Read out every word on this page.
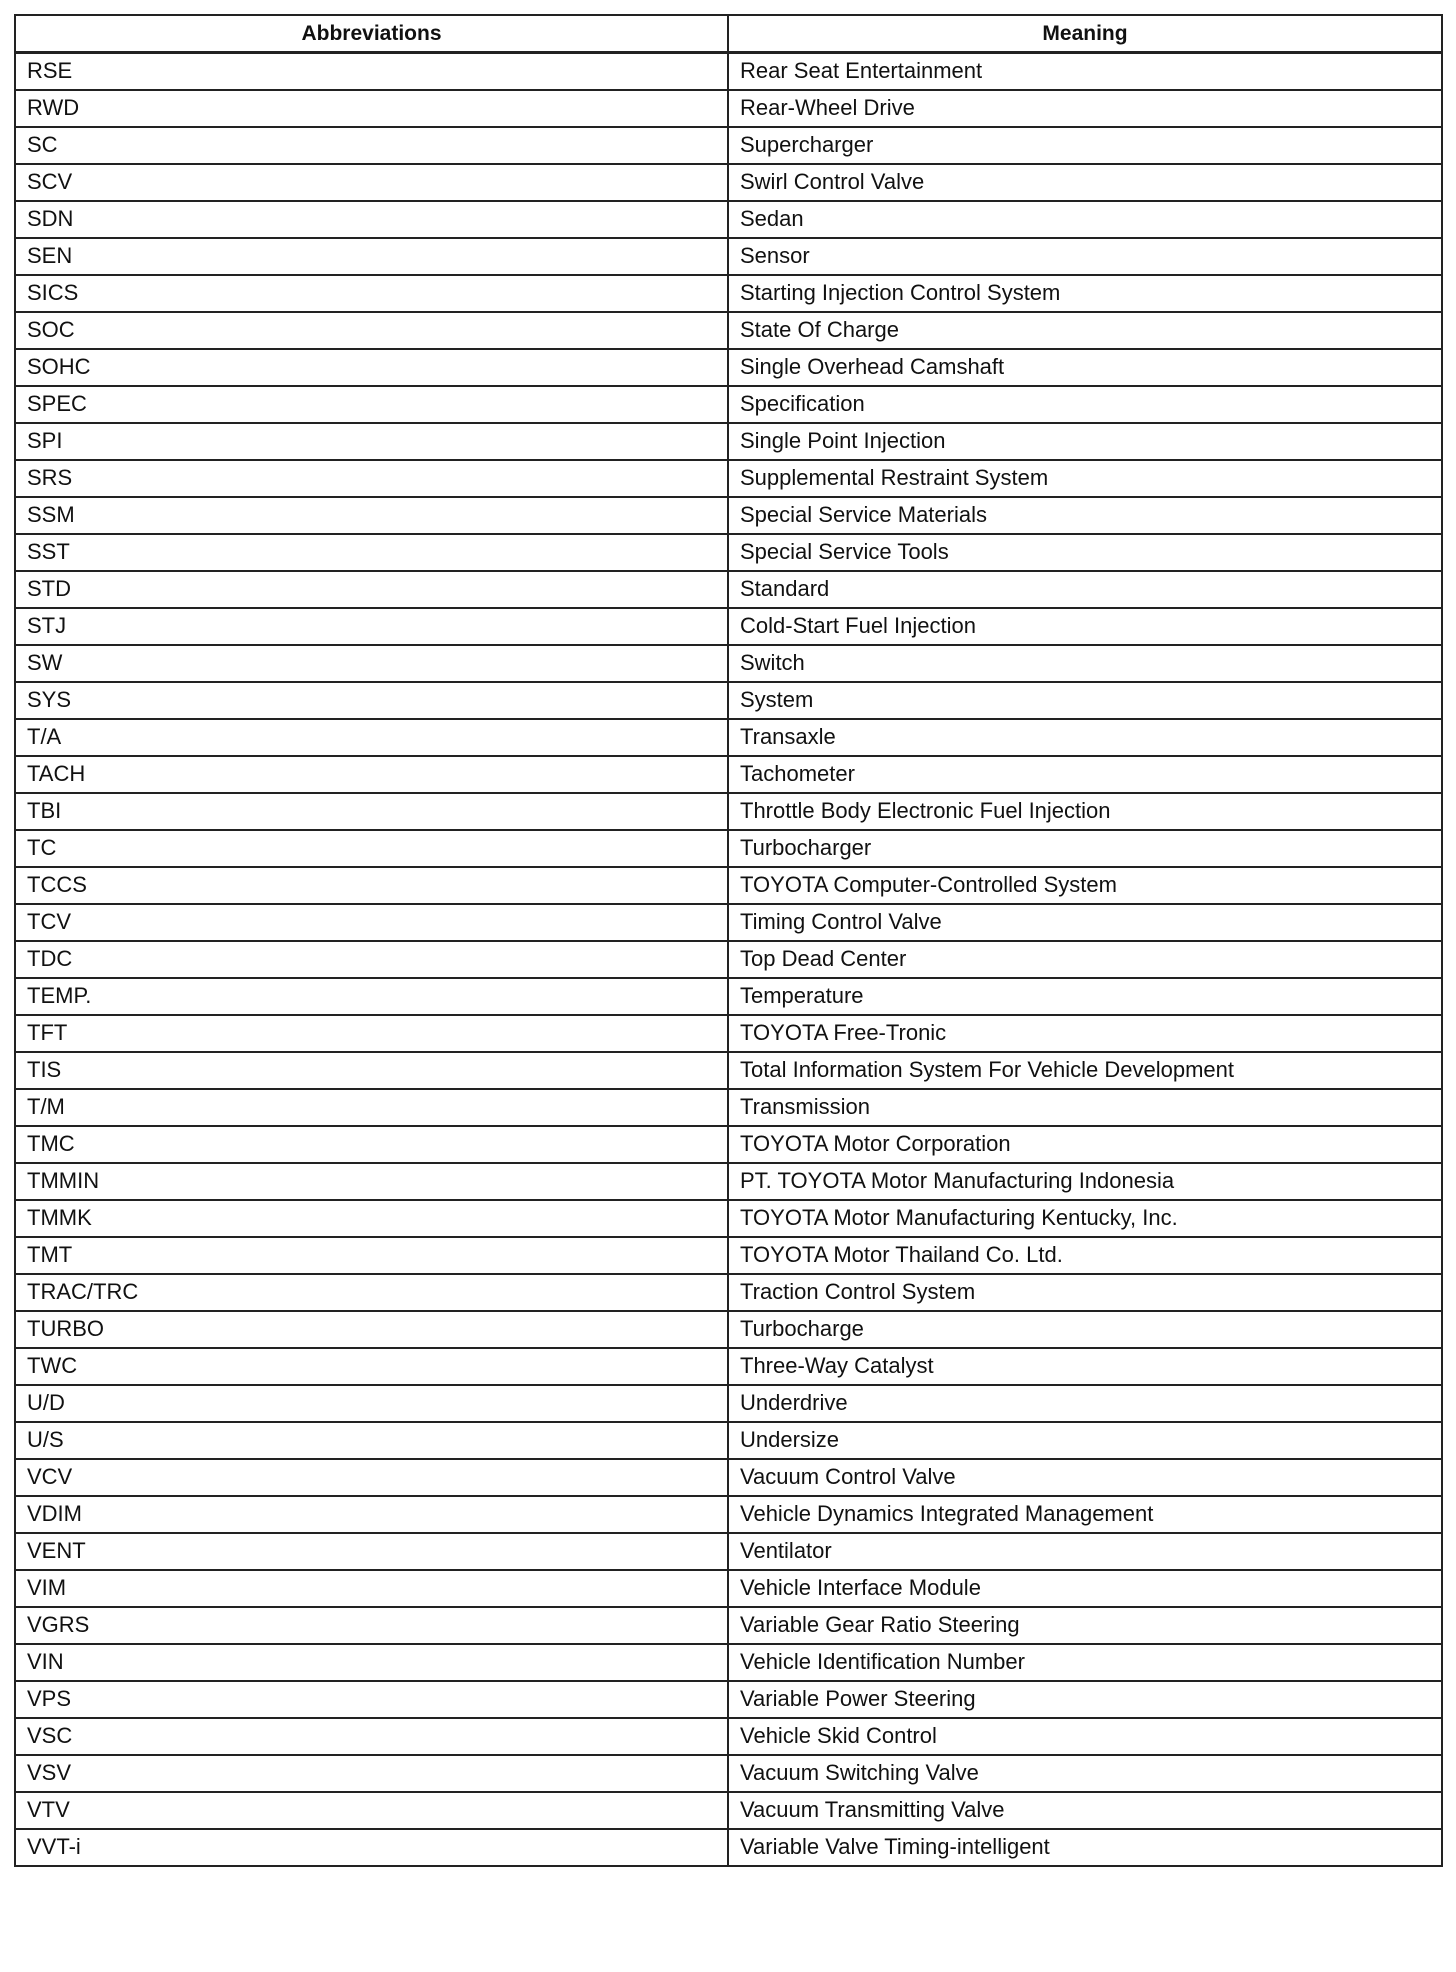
Abbreviations	Meaning
RSE	Rear Seat Entertainment
RWD	Rear-Wheel Drive
SC	Supercharger
SCV	Swirl Control Valve
SDN	Sedan
SEN	Sensor
SICS	Starting Injection Control System
SOC	State Of Charge
SOHC	Single Overhead Camshaft
SPEC	Specification
SPI	Single Point Injection
SRS	Supplemental Restraint System
SSM	Special Service Materials
SST	Special Service Tools
STD	Standard
STJ	Cold-Start Fuel Injection
SW	Switch
SYS	System
T/A	Transaxle
TACH	Tachometer
TBI	Throttle Body Electronic Fuel Injection
TC	Turbocharger
TCCS	TOYOTA Computer-Controlled System
TCV	Timing Control Valve
TDC	Top Dead Center
TEMP.	Temperature
TFT	TOYOTA Free-Tronic
TIS	Total Information System For Vehicle Development
T/M	Transmission
TMC	TOYOTA Motor Corporation
TMMIN	PT. TOYOTA Motor Manufacturing Indonesia
TMMK	TOYOTA Motor Manufacturing Kentucky, Inc.
TMT	TOYOTA Motor Thailand Co. Ltd.
TRAC/TRC	Traction Control System
TURBO	Turbocharge
TWC	Three-Way Catalyst
U/D	Underdrive
U/S	Undersize
VCV	Vacuum Control Valve
VDIM	Vehicle Dynamics Integrated Management
VENT	Ventilator
VIM	Vehicle Interface Module
VGRS	Variable Gear Ratio Steering
VIN	Vehicle Identification Number
VPS	Variable Power Steering
VSC	Vehicle Skid Control
VSV	Vacuum Switching Valve
VTV	Vacuum Transmitting Valve
VVT-i	Variable Valve Timing-intelligent
